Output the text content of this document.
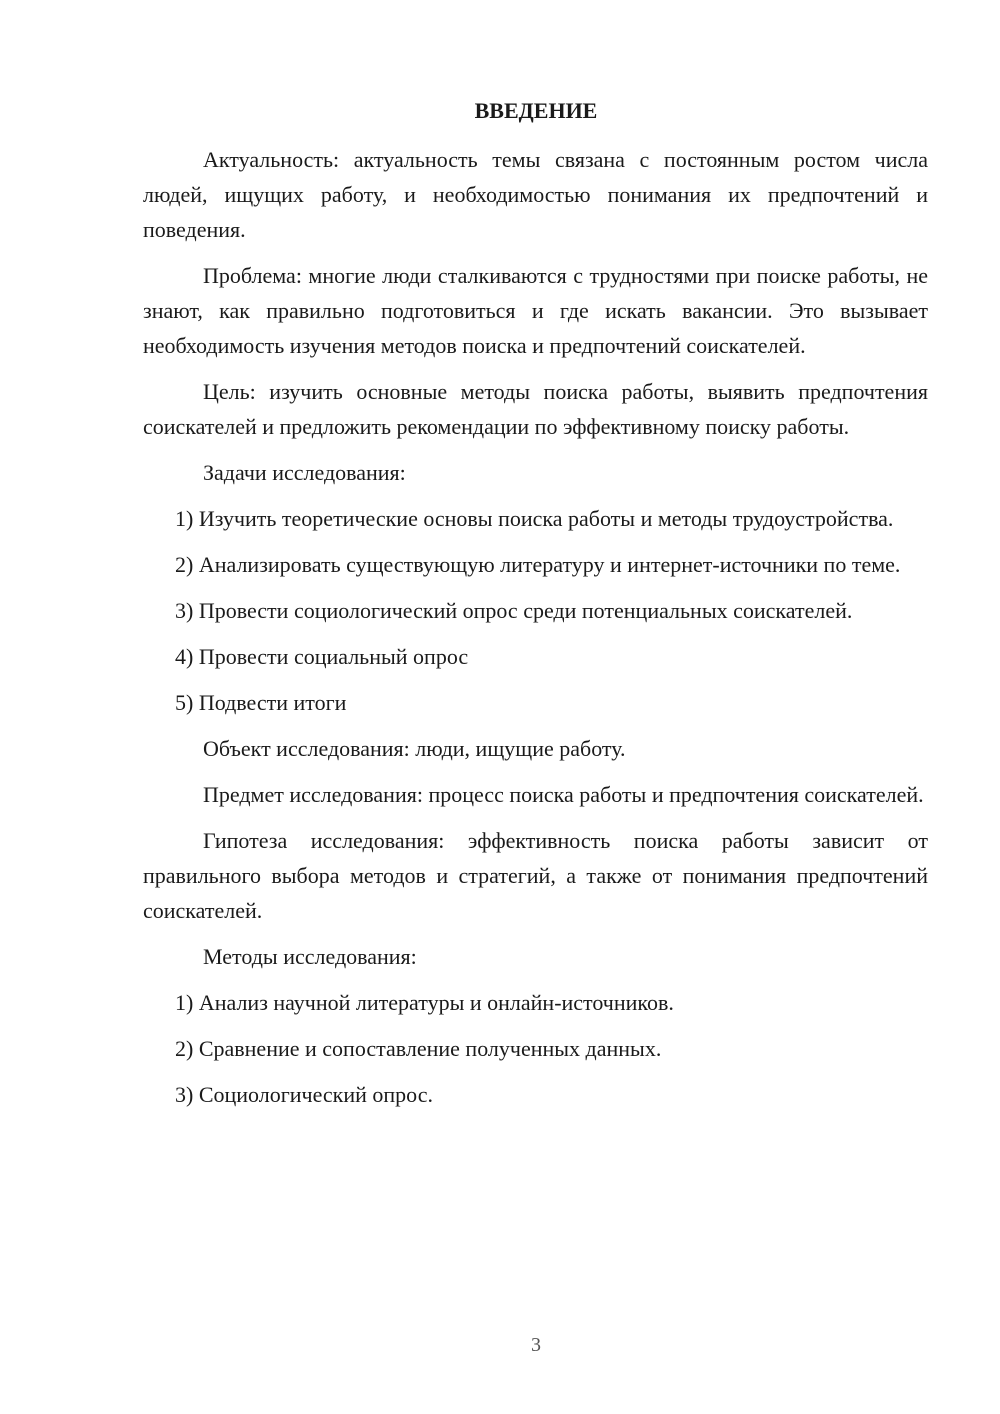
ВВЕДЕНИЕ

Актуальность: актуальность темы связана с постоянным ростом числа людей, ищущих работу, и необходимостью понимания их предпочтений и поведения.

Проблема: многие люди сталкиваются с трудностями при поиске работы, не знают, как правильно подготовиться и где искать вакансии. Это вызывает необходимость изучения методов поиска и предпочтений соискателей.

Цель: изучить основные методы поиска работы, выявить предпочтения соискателей и предложить рекомендации по эффективному поиску работы.

Задачи исследования:

1) Изучить теоретические основы поиска работы и методы трудоустройства.

2) Анализировать существующую литературу и интернет-источники по теме.

3) Провести социологический опрос среди потенциальных соискателей.

4) Провести социальный опрос

5) Подвести итоги

Объект исследования: люди, ищущие работу.

Предмет исследования: процесс поиска работы и предпочтения соискателей.

Гипотеза исследования: эффективность поиска работы зависит от правильного выбора методов и стратегий, а также от понимания предпочтений соискателей.

Методы исследования:

1) Анализ научной литературы и онлайн-источников.

2) Сравнение и сопоставление полученных данных.

3) Социологический опрос.

3
